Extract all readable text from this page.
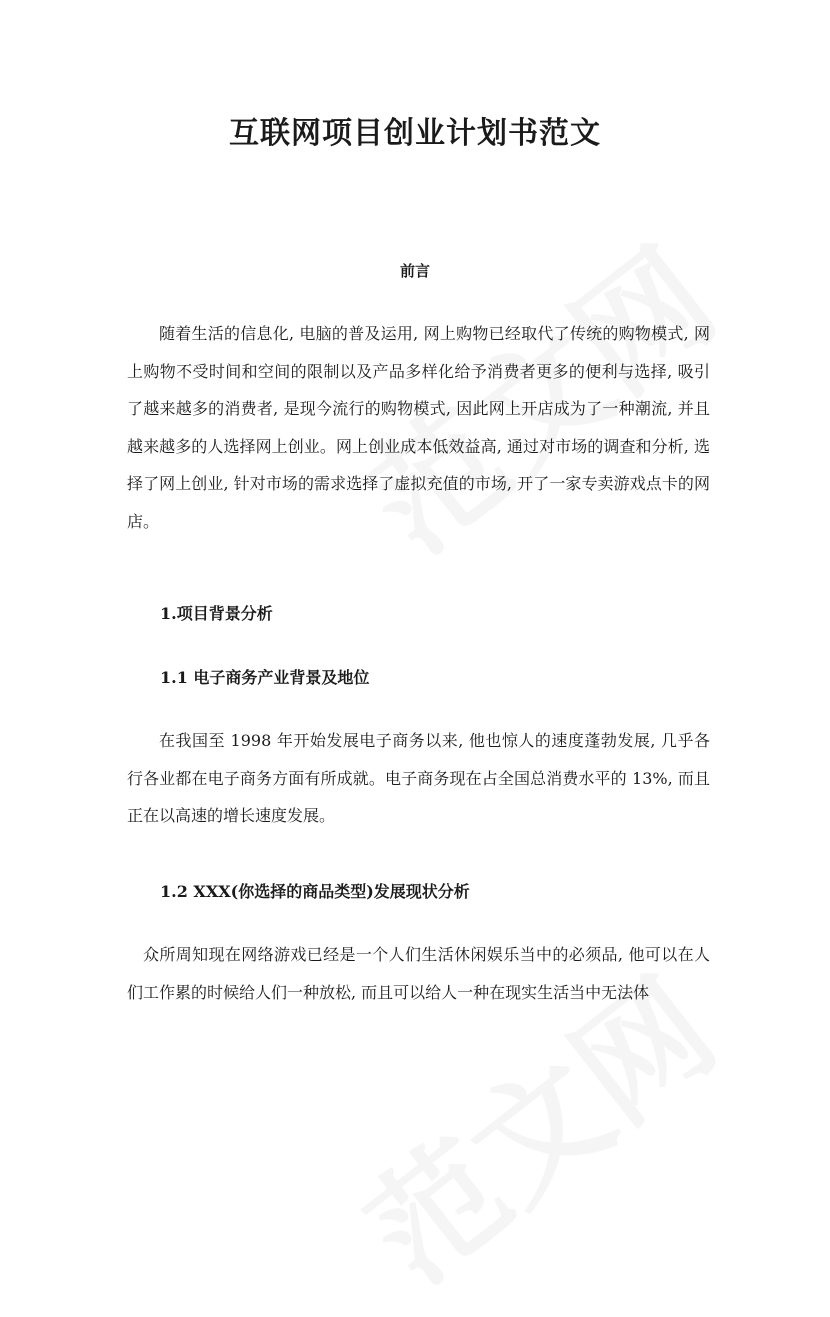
互联网项目创业计划书范文
前言

随着生活的信息化, 电脑的普及运用, 网上购物已经取代了传统的购物模式, 网上购物不受时间和空间的限制以及产品多样化给予消费者更多的便利与选择, 吸引了越来越多的消费者, 是现今流行的购物模式, 因此网上开店成为了一种潮流, 并且越来越多的人选择网上创业。网上创业成本低效益高, 通过对市场的调查和分析, 选择了网上创业, 针对市场的需求选择了虚拟充值的市场, 开了一家专卖游戏点卡的网店。

1.项目背景分析
1.1 电子商务产业背景及地位

在我国至 1998 年开始发展电子商务以来, 他也惊人的速度蓬勃发展, 几乎各行各业都在电子商务方面有所成就。电子商务现在占全国总消费水平的 13%, 而且正在以高速的增长速度发展。

1.2 XXX(你选择的商品类型)发展现状分析

众所周知现在网络游戏已经是一个人们生活休闲娱乐当中的必须品, 他可以在人们工作累的时候给人们一种放松, 而且可以给人一种在现实生活当中无法体
